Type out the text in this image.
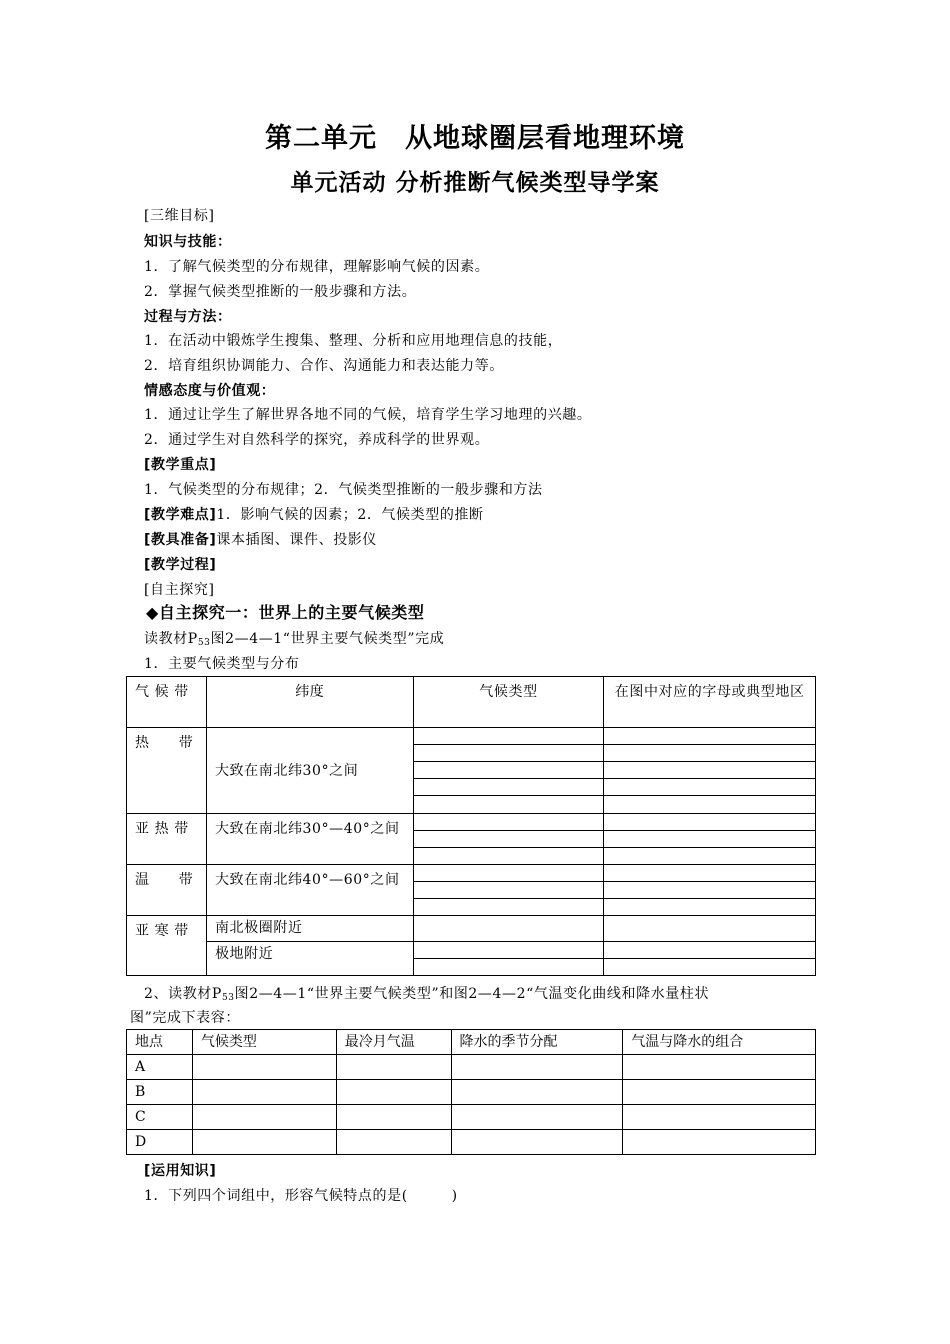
第二单元　从地球圈层看地理环境
单元活动 分析推断气候类型导学案
[三维目标]
知识与技能：
1．了解气候类型的分布规律，理解影响气候的因素。
2．掌握气候类型推断的一般步骤和方法。
过程与方法：
1．在活动中锻炼学生搜集、整理、分析和应用地理信息的技能，
2．培育组织协调能力、合作、沟通能力和表达能力等。
情感态度与价值观：
1．通过让学生了解世界各地不同的气候，培育学生学习地理的兴趣。
2．通过学生对自然科学的探究，养成科学的世界观。
[教学重点]
1．气候类型的分布规律；2．气候类型推断的一般步骤和方法
[教学难点]1．影响气候的因素；2．气候类型的推断
[教具准备]课本插图、课件、投影仪
[教学过程]
[自主探究]
◆自主探究一：世界上的主要气候类型
读教材$P_{53}$图2—4—1“世界主要气候类型”完成
1．主要气候类型与分布
气 候 带	纬度	气候类型	在图中对应的字母或典型地区
热　　带	大致在南北纬30°之间		

亚 热 带	大致在南北纬30°—40°之间		

温　　带	大致在南北纬40°—60°之间		

亚 寒 带	南北极圈附近		
	极地附近		

2、读教材$P_{53}$图2—4—1“世界主要气候类型”和图2—4—2“气温变化曲线和降水量柱状
图”完成下表容：
地点	气候类型	最冷月气温	降水的季节分配	气温与降水的组合
A				
B				
C				
D				
[运用知识]
1．下列四个词组中，形容气候特点的是(　　　)
